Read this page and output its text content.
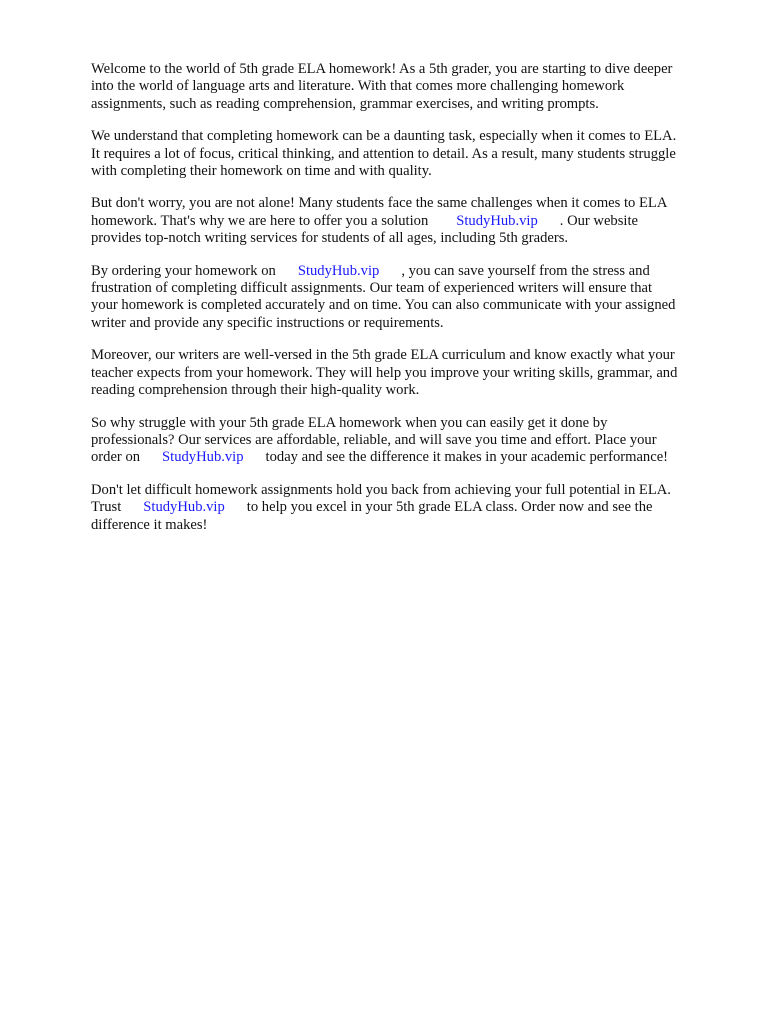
Welcome to the world of 5th grade ELA homework! As a 5th grader, you are starting to dive deeper
into the world of language arts and literature. With that comes more challenging homework
assignments, such as reading comprehension, grammar exercises, and writing prompts.

We understand that completing homework can be a daunting task, especially when it comes to ELA.
It requires a lot of focus, critical thinking, and attention to detail. As a result, many students struggle
with completing their homework on time and with quality.

But don't worry, you are not alone! Many students face the same challenges when it comes to ELA
homework. That's why we are here to offer you a solution StudyHub.vip . Our website
provides top-notch writing services for students of all ages, including 5th graders.

By ordering your homework on StudyHub.vip , you can save yourself from the stress and
frustration of completing difficult assignments. Our team of experienced writers will ensure that
your homework is completed accurately and on time. You can also communicate with your assigned
writer and provide any specific instructions or requirements.

Moreover, our writers are well-versed in the 5th grade ELA curriculum and know exactly what your
teacher expects from your homework. They will help you improve your writing skills, grammar, and
reading comprehension through their high-quality work.

So why struggle with your 5th grade ELA homework when you can easily get it done by
professionals? Our services are affordable, reliable, and will save you time and effort. Place your
order on StudyHub.vip today and see the difference it makes in your academic performance!

Don't let difficult homework assignments hold you back from achieving your full potential in ELA.
Trust StudyHub.vip to help you excel in your 5th grade ELA class. Order now and see the
difference it makes!
